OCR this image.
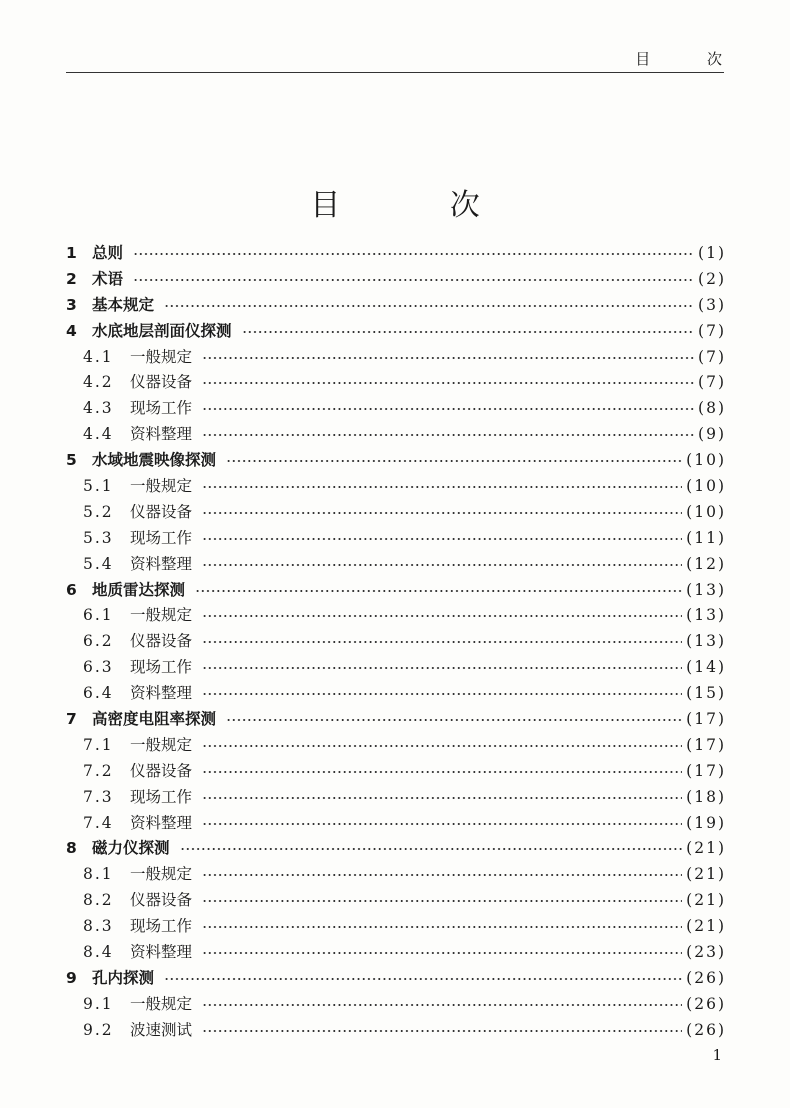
目 次
目 次
1 总则	(1)
2 术语	(2)
3 基本规定	(3)
4 水底地层剖面仪探测	(7)
4.1	一般规定	(7)
4.2	仪器设备	(7)
4.3	现场工作	(8)
4.4	资料整理	(9)
5 水域地震映像探测	(10)
5.1	一般规定	(10)
5.2	仪器设备	(10)
5.3	现场工作	(11)
5.4	资料整理	(12)
6 地质雷达探测	(13)
6.1	一般规定	(13)
6.2	仪器设备	(13)
6.3	现场工作	(14)
6.4	资料整理	(15)
7 高密度电阻率探测	(17)
7.1	一般规定	(17)
7.2	仪器设备	(17)
7.3	现场工作	(18)
7.4	资料整理	(19)
8 磁力仪探测	(21)
8.1	一般规定	(21)
8.2	仪器设备	(21)
8.3	现场工作	(21)
8.4	资料整理	(23)
9 孔内探测	(26)
9.1	一般规定	(26)
9.2	波速测试	(26)
1
